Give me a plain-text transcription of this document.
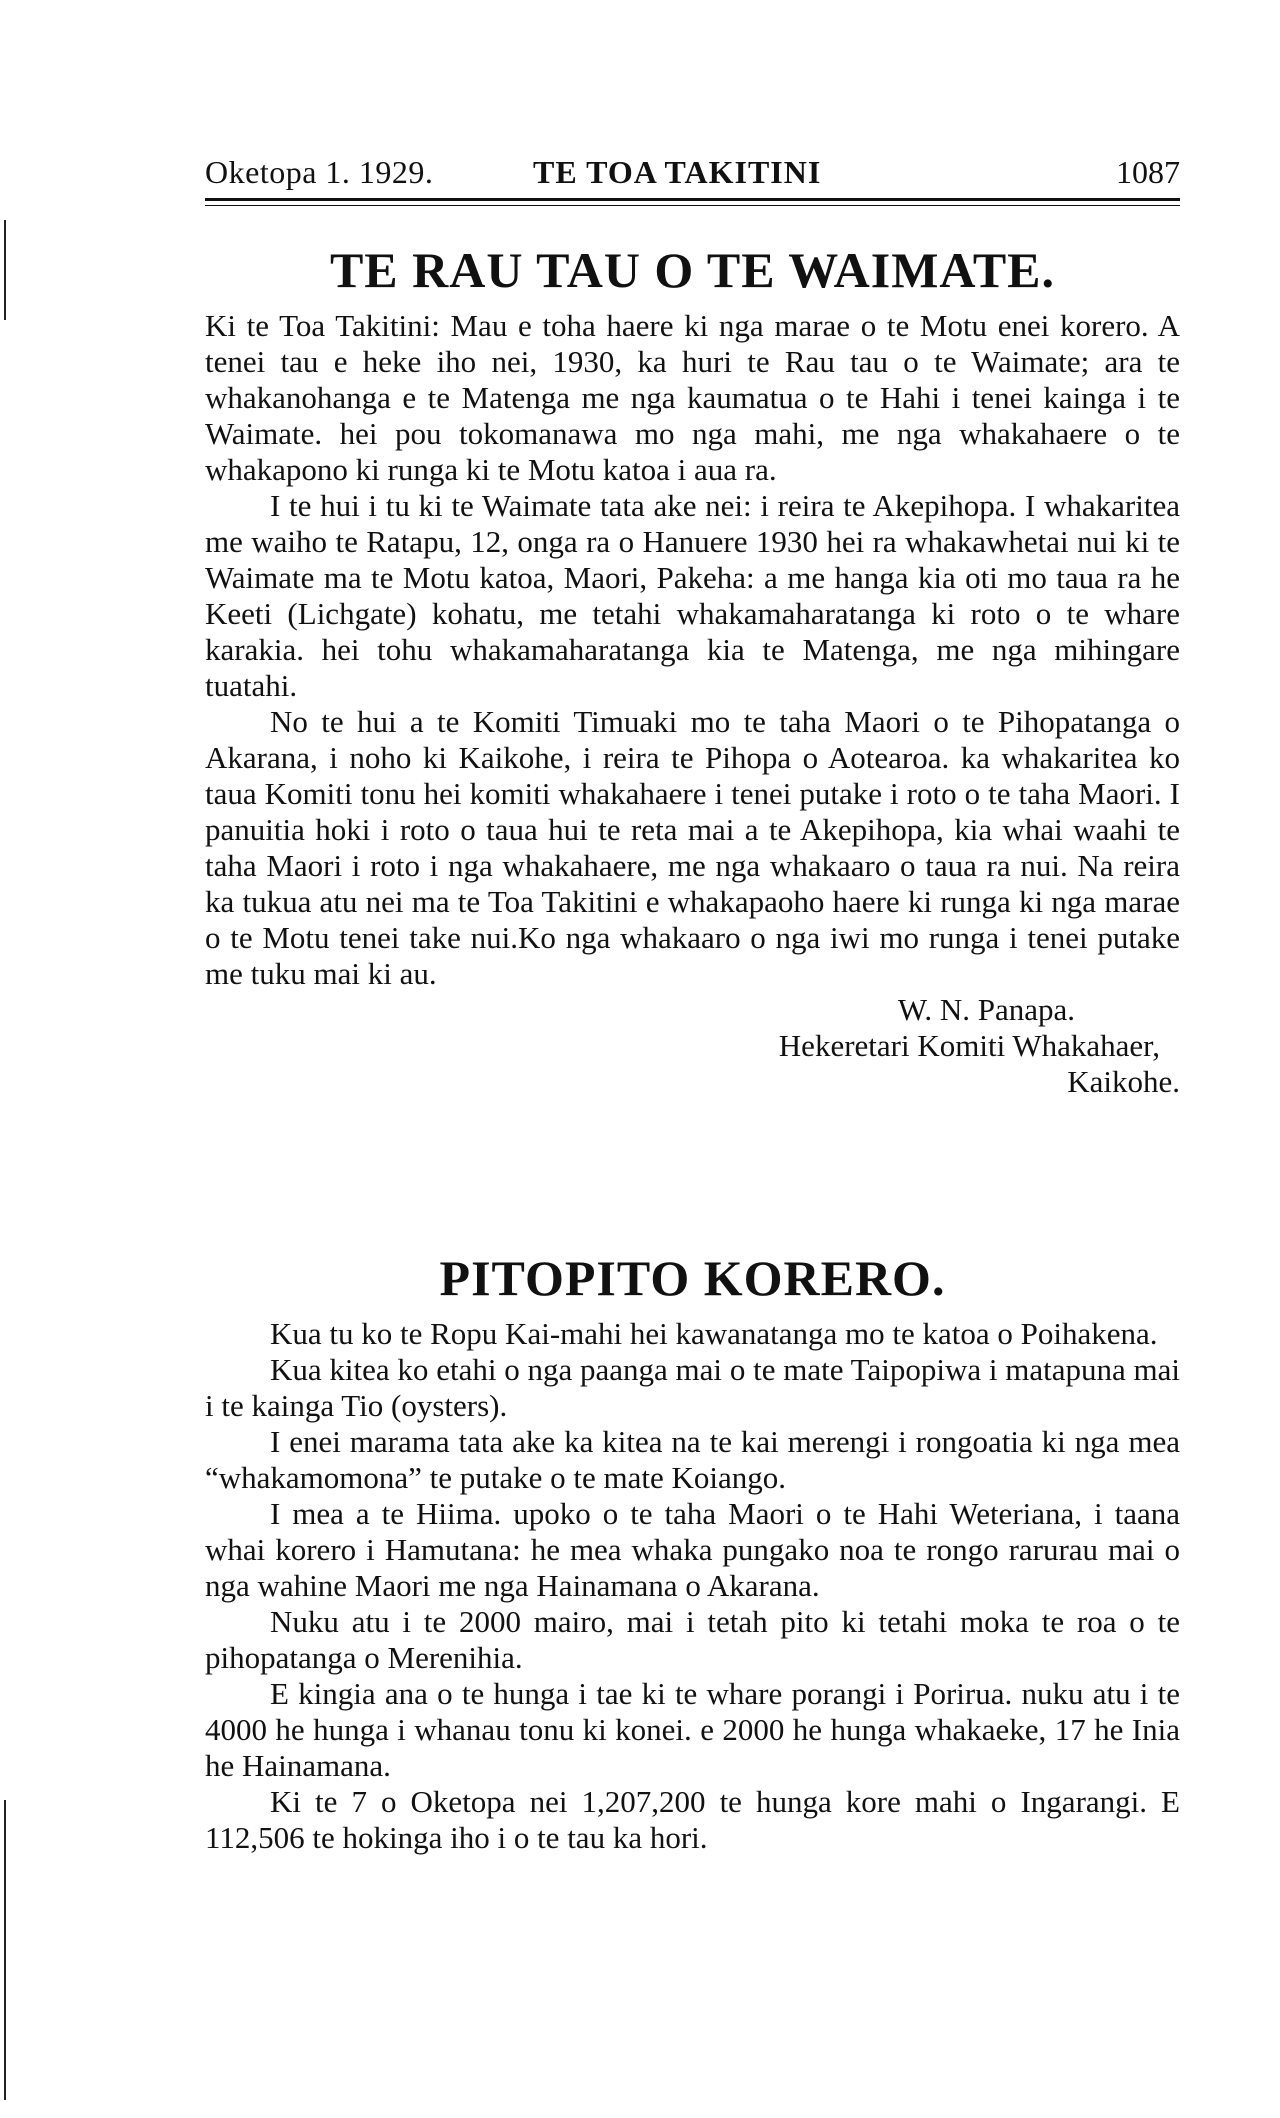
Oketopa 1. 1929.	TE TOA TAKITINI	1087
TE RAU TAU O TE WAIMATE.

Ki te Toa Takitini: Mau e toha haere ki nga marae o te Motu enei korero. A tenei tau e heke iho nei, 1930, ka huri te Rau tau o te Waimate; ara te whakanohanga e te Matenga me nga kaumatua o te Hahi i tenei kainga i te Waimate. hei pou tokomanawa mo nga mahi, me nga whakahaere o te whakapono ki runga ki te Motu katoa i aua ra.

I te hui i tu ki te Waimate tata ake nei: i reira te Akepihopa. I whakaritea me waiho te Ratapu, 12, onga ra o Hanuere 1930 hei ra whakawhetai nui ki te Waimate ma te Motu katoa, Maori, Pakeha: a me hanga kia oti mo taua ra he Keeti (Lichgate) kohatu, me tetahi whakamaharatanga ki roto o te whare karakia. hei tohu whakamaharatanga kia te Matenga, me nga mihingare tuatahi.

No te hui a te Komiti Timuaki mo te taha Maori o te Pihopatanga o Akarana, i noho ki Kaikohe, i reira te Pihopa o Aotearoa. ka whakaritea ko taua Komiti tonu hei komiti whakahaere i tenei putake i roto o te taha Maori. I panuitia hoki i roto o taua hui te reta mai a te Akepihopa, kia whai waahi te taha Maori i roto i nga whakahaere, me nga whakaaro o taua ra nui. Na reira ka tukua atu nei ma te Toa Takitini e whakapaoho haere ki runga ki nga marae o te Motu tenei take nui.Ko nga whakaaro o nga iwi mo runga i tenei putake me tuku mai ki au.

W. N. Panapa.

Hekeretari Komiti Whakahaer,

Kaikohe.

PITOPITO KORERO.

Kua tu ko te Ropu Kai-mahi hei kawanatanga mo te katoa o Poihakena.

Kua kitea ko etahi o nga paanga mai o te mate Taipopiwa i matapuna mai i te kainga Tio (oysters).

I enei marama tata ake ka kitea na te kai merengi i rongoatia ki nga mea “whakamomona” te putake o te mate Koiango.

I mea a te Hiima. upoko o te taha Maori o te Hahi Weteriana, i taana whai korero i Hamutana: he mea whaka pungako noa te rongo rarurau mai o nga wahine Maori me nga Hainamana o Akarana.

Nuku atu i te 2000 mairo, mai i tetah pito ki tetahi moka te roa o te pihopatanga o Merenihia.

E kingia ana o te hunga i tae ki te whare porangi i Porirua. nuku atu i te 4000 he hunga i whanau tonu ki konei. e 2000 he hunga whakaeke, 17 he Inia he Hainamana.

Ki te 7 o Oketopa nei 1,207,200 te hunga kore mahi o Ingarangi. E 112,506 te hokinga iho i o te tau ka hori.
